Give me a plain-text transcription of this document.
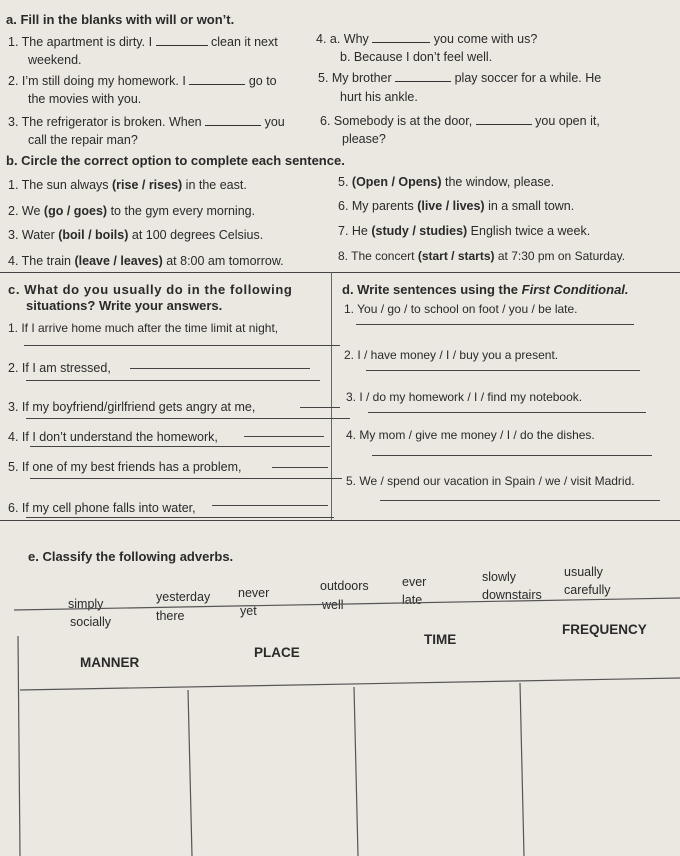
a. Fill in the blanks with will or won’t.
1. The apartment is dirty. I	clean it next
weekend.
2. I’m still doing my homework. I	go to
the movies with you.
3. The refrigerator is broken. When	you
call the repair man?
4. a. Why	you come with us?
b. Because I don’t feel well.
5. My brother	play soccer for a while. He
hurt his ankle.
6. Somebody is at the door,	you open it,
please?
b. Circle the correct option to complete each sentence.
1. The sun always (rise / rises) in the east.
2. We (go / goes) to the gym every morning.
3. Water (boil / boils) at 100 degrees Celsius.
4. The train (leave / leaves) at 8:00 am tomorrow.
5. (Open / Opens) the window, please.
6. My parents (live / lives) in a small town.
7. He (study / studies) English twice a week.
8. The concert (start / starts) at 7:30 pm on Saturday.
c. What do you usually do in the following
situations? Write your answers.
1. If I arrive home much after the time limit at night,
2. If I am stressed,
3. If my boyfriend/girlfriend gets angry at me,
4. If I don’t understand the homework,
5. If one of my best friends has a problem,
6. If my cell phone falls into water,
d. Write sentences using the First Conditional.
1. You / go / to school on foot / you / be late.
2. I / have money / I / buy you a present.
3. I / do my homework / I / find my notebook.
4. My mom / give me money / I / do the dishes.
5. We / spend our vacation in Spain / we / visit Madrid.
e. Classify the following adverbs.
simply	yesterday never	outdoors	ever	slowly	usually
socially	there	yet	well	late	downstairs carefully
MANNER
PLACE
TIME
FREQUENCY
